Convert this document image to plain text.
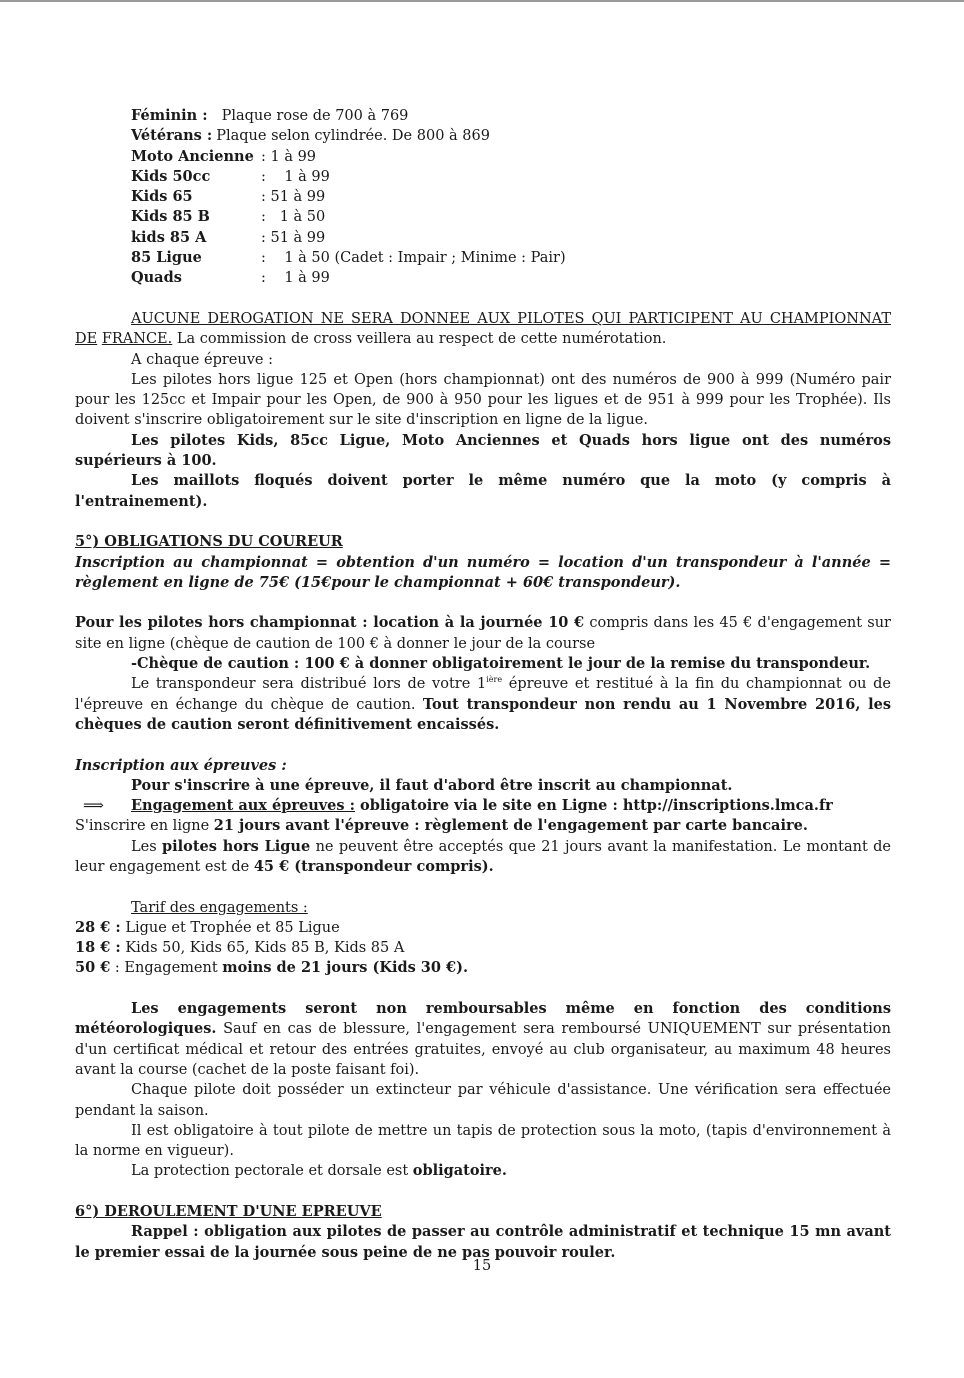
Féminin : Plaque rose de 700 à 769
Vétérans : Plaque selon cylindrée. De 800 à 869
Moto Ancienne : 1 à 99
Kids 50cc	:    1 à 99
Kids 65	: 51 à 99
Kids 85 B	:   1 à 50
kids 85 A	: 51 à 99
85 Ligue	:    1 à 50 (Cadet : Impair ; Minime : Pair)
Quads	:    1 à 99

AUCUNE DEROGATION NE SERA DONNEE AUX PILOTES QUI PARTICIPENT AU CHAMPIONNAT DE FRANCE. La commission de cross veillera au respect de cette numérotation.

A chaque épreuve :

Les pilotes hors ligue 125 et Open (hors championnat) ont des numéros de 900 à 999 (Numéro pair pour les 125cc et Impair pour les Open, de 900 à 950 pour les ligues et de 951 à 999 pour les Trophée). Ils doivent s'inscrire obligatoirement sur le site d'inscription en ligne de la ligue.

Les pilotes Kids, 85cc Ligue, Moto Anciennes et Quads hors ligue ont des numéros supérieurs à 100.

Les maillots floqués doivent porter le même numéro que la moto (y compris à l'entrainement).

5°) OBLIGATIONS DU COUREUR

Inscription au championnat = obtention d'un numéro = location d'un transpondeur à l'année = règlement en ligne de 75€ (15€pour le championnat + 60€ transpondeur).

Pour les pilotes hors championnat : location à la journée 10 € compris dans les 45 € d'engagement sur site en ligne (chèque de caution de 100 € à donner le jour de la course

-Chèque de caution : 100 € à donner obligatoirement le jour de la remise du transpondeur.

Le transpondeur sera distribué lors de votre $1^{ière}$ épreuve et restitué à la fin du championnat ou de l'épreuve en échange du chèque de caution. Tout transpondeur non rendu au 1 Novembre 2016, les chèques de caution seront définitivement encaissés.

Inscription aux épreuves :

Pour s'inscrire à une épreuve, il faut d'abord être inscrit au championnat.

⟹ Engagement aux épreuves : obligatoire via le site en Ligne : http://inscriptions.lmca.fr

S'inscrire en ligne 21 jours avant l'épreuve : règlement de l'engagement par carte bancaire.

Les pilotes hors Ligue ne peuvent être acceptés que 21 jours avant la manifestation. Le montant de leur engagement est de 45 € (transpondeur compris).

Tarif des engagements :

28 € : Ligue et Trophée et 85 Ligue

18 € : Kids 50, Kids 65, Kids 85 B, Kids 85 A

50 € : Engagement moins de 21 jours (Kids 30 €).

Les engagements seront non remboursables même en fonction des conditions

météorologiques. Sauf en cas de blessure, l'engagement sera remboursé UNIQUEMENT sur présentation d'un certificat médical et retour des entrées gratuites, envoyé au club organisateur, au maximum 48 heures avant la course (cachet de la poste faisant foi).

Chaque pilote doit posséder un extincteur par véhicule d'assistance. Une vérification sera effectuée pendant la saison.

Il est obligatoire à tout pilote de mettre un tapis de protection sous la moto, (tapis d'environnement à la norme en vigueur).

La protection pectorale et dorsale est obligatoire.

6°) DEROULEMENT D'UNE EPREUVE

Rappel : obligation aux pilotes de passer au contrôle administratif et technique 15 mn avant le premier essai de la journée sous peine de ne pas pouvoir rouler.

15
